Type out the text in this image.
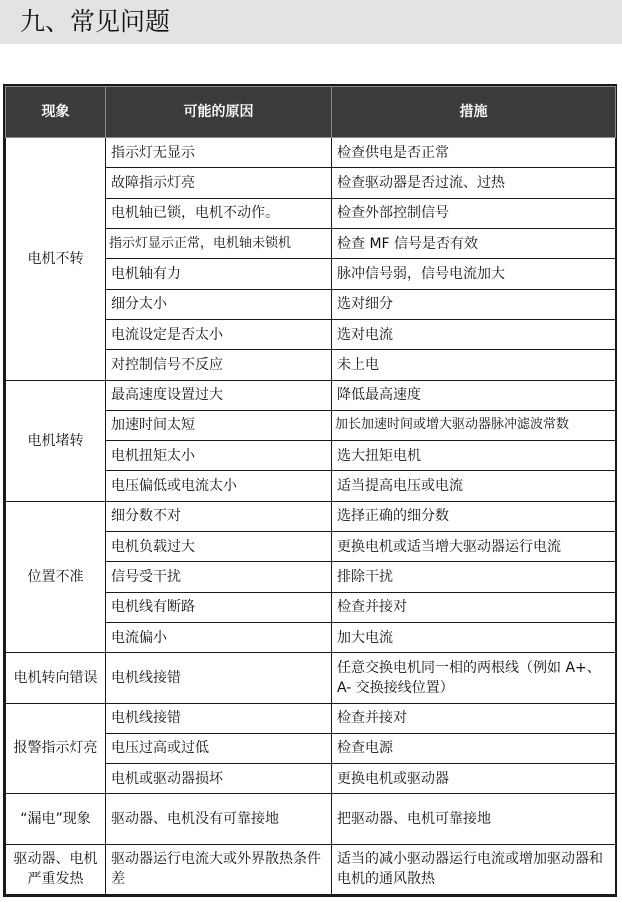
九、常见问题
现象	可能的原因	措施
电机不转	指示灯无显示	检查供电是否正常
	故障指示灯亮	检查驱动器是否过流、过热
	电机轴已锁，电机不动作。	检查外部控制信号
	指示灯显示正常，电机轴未锁机	检查 MF 信号是否有效
	电机轴有力	脉冲信号弱，信号电流加大
	细分太小	选对细分
	电流设定是否太小	选对电流
	对控制信号不反应	未上电
电机堵转	最高速度设置过大	降低最高速度
	加速时间太短	加长加速时间或增大驱动器脉冲滤波常数
	电机扭矩太小	选大扭矩电机
	电压偏低或电流太小	适当提高电压或电流
位置不准	细分数不对	选择正确的细分数
	电机负载过大	更换电机或适当增大驱动器运行电流
	信号受干扰	排除干扰
	电机线有断路	检查并接对
	电流偏小	加大电流
电机转向错误	电机线接错	任意交换电机同一相的两根线（例如 A+、A- 交换接线位置）
报警指示灯亮	电机线接错	检查并接对
	电压过高或过低	检查电源
	电机或驱动器损坏	更换电机或驱动器
“漏电”现象	驱动器、电机没有可靠接地	把驱动器、电机可靠接地
驱动器、电机严重发热	驱动器运行电流大或外界散热条件差	适当的减小驱动器运行电流或增加驱动器和电机的通风散热
